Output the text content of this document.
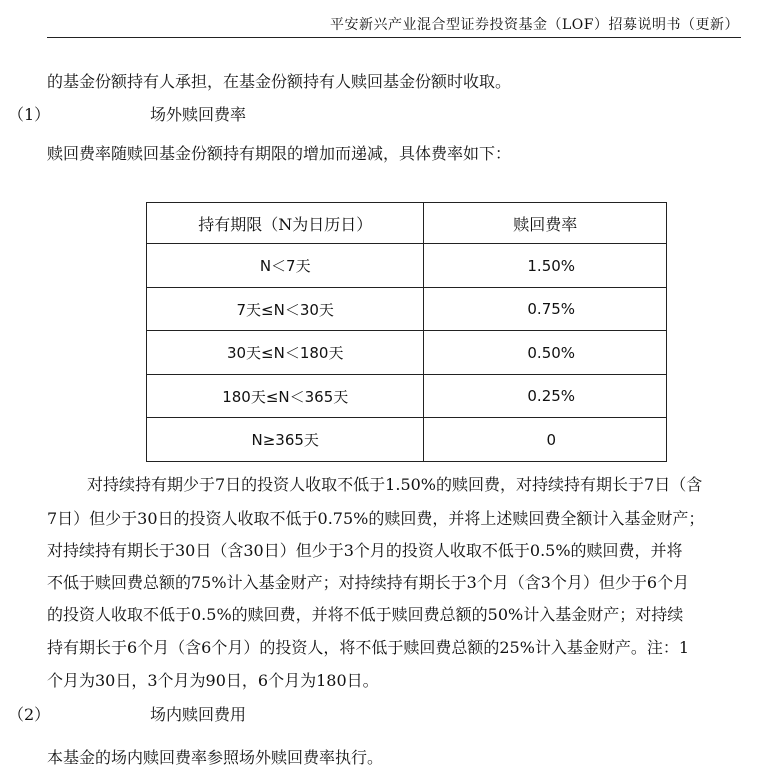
平安新兴产业混合型证券投资基金（LOF）招募说明书（更新）
的基金份额持有人承担，在基金份额持有人赎回基金份额时收取。
（1）	场外赎回费率
赎回费率随赎回基金份额持有期限的增加而递减，具体费率如下：
持有期限（N为日历日）	赎回费率
N＜7天	1.50%
7天≤N＜30天	0.75%
30天≤N＜180天	0.50%
180天≤N＜365天	0.25%
N≥365天	0
对持续持有期少于7日的投资人收取不低于1.50%的赎回费，对持续持有期长于7日（含
7日）但少于30日的投资人收取不低于0.75%的赎回费，并将上述赎回费全额计入基金财产；
对持续持有期长于30日（含30日）但少于3个月的投资人收取不低于0.5%的赎回费，并将
不低于赎回费总额的75%计入基金财产；对持续持有期长于3个月（含3个月）但少于6个月
的投资人收取不低于0.5%的赎回费，并将不低于赎回费总额的50%计入基金财产；对持续
持有期长于6个月（含6个月）的投资人，将不低于赎回费总额的25%计入基金财产。注：1
个月为30日，3个月为90日，6个月为180日。
（2）	场内赎回费用
本基金的场内赎回费率参照场外赎回费率执行。
